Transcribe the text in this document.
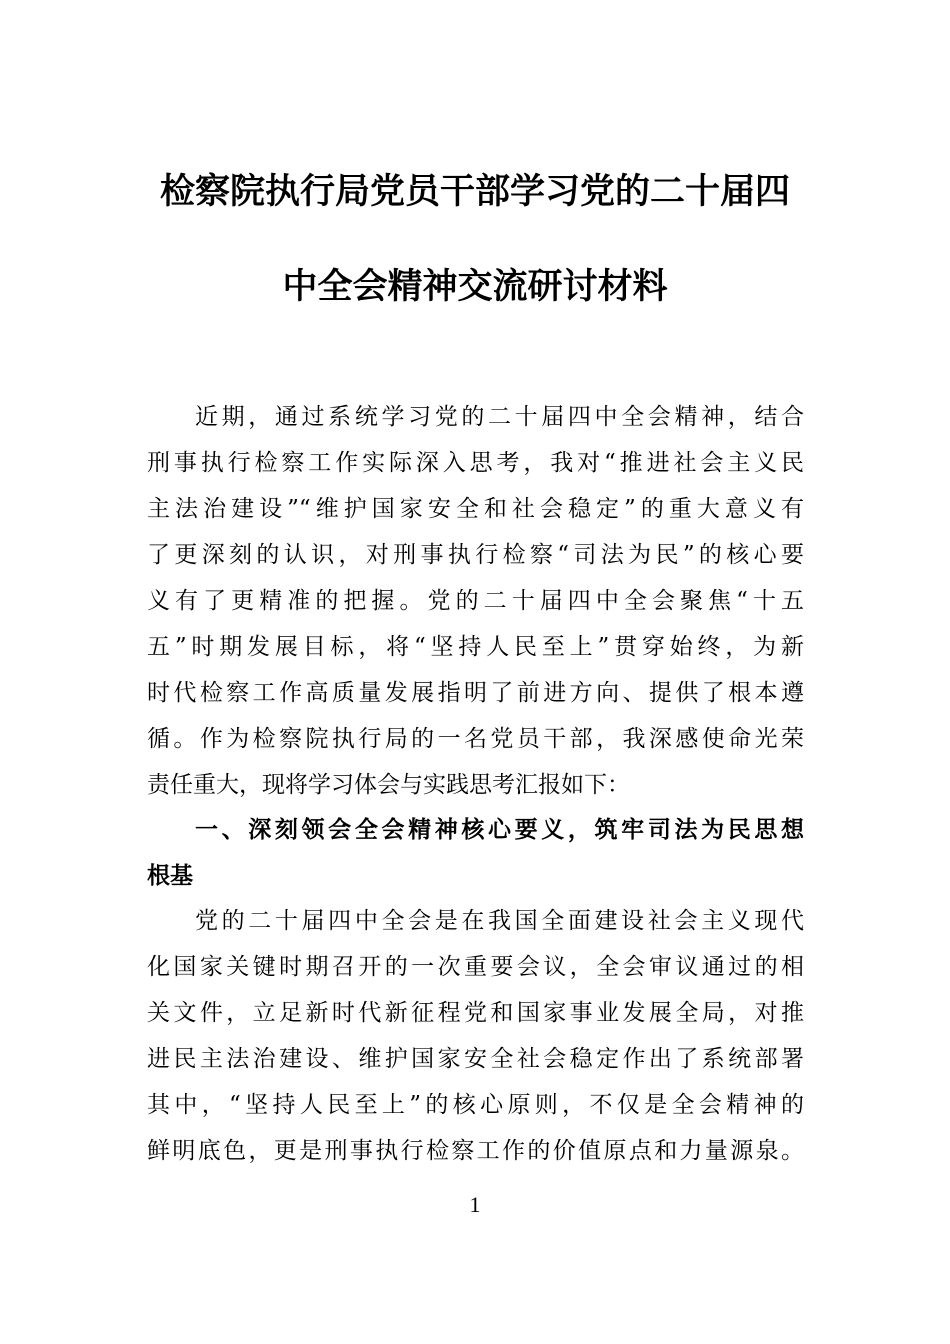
检察院执行局党员干部学习党的二十届四
中全会精神交流研讨材料
近期，通过系统学习党的二十届四中全会精神，结合
刑事执行检察工作实际深入思考，我对“推进社会主义民
主法治建设”“维护国家安全和社会稳定”的重大意义有
了更深刻的认识，对刑事执行检察“司法为民”的核心要
义有了更精准的把握。党的二十届四中全会聚焦“十五
五”时期发展目标，将“坚持人民至上”贯穿始终，为新
时代检察工作高质量发展指明了前进方向、提供了根本遵
循。作为检察院执行局的一名党员干部，我深感使命光荣
责任重大，现将学习体会与实践思考汇报如下：
一、深刻领会全会精神核心要义，筑牢司法为民思想
根基
党的二十届四中全会是在我国全面建设社会主义现代
化国家关键时期召开的一次重要会议，全会审议通过的相
关文件，立足新时代新征程党和国家事业发展全局，对推
进民主法治建设、维护国家安全社会稳定作出了系统部署
其中，“坚持人民至上”的核心原则，不仅是全会精神的
鲜明底色，更是刑事执行检察工作的价值原点和力量源泉。
1
